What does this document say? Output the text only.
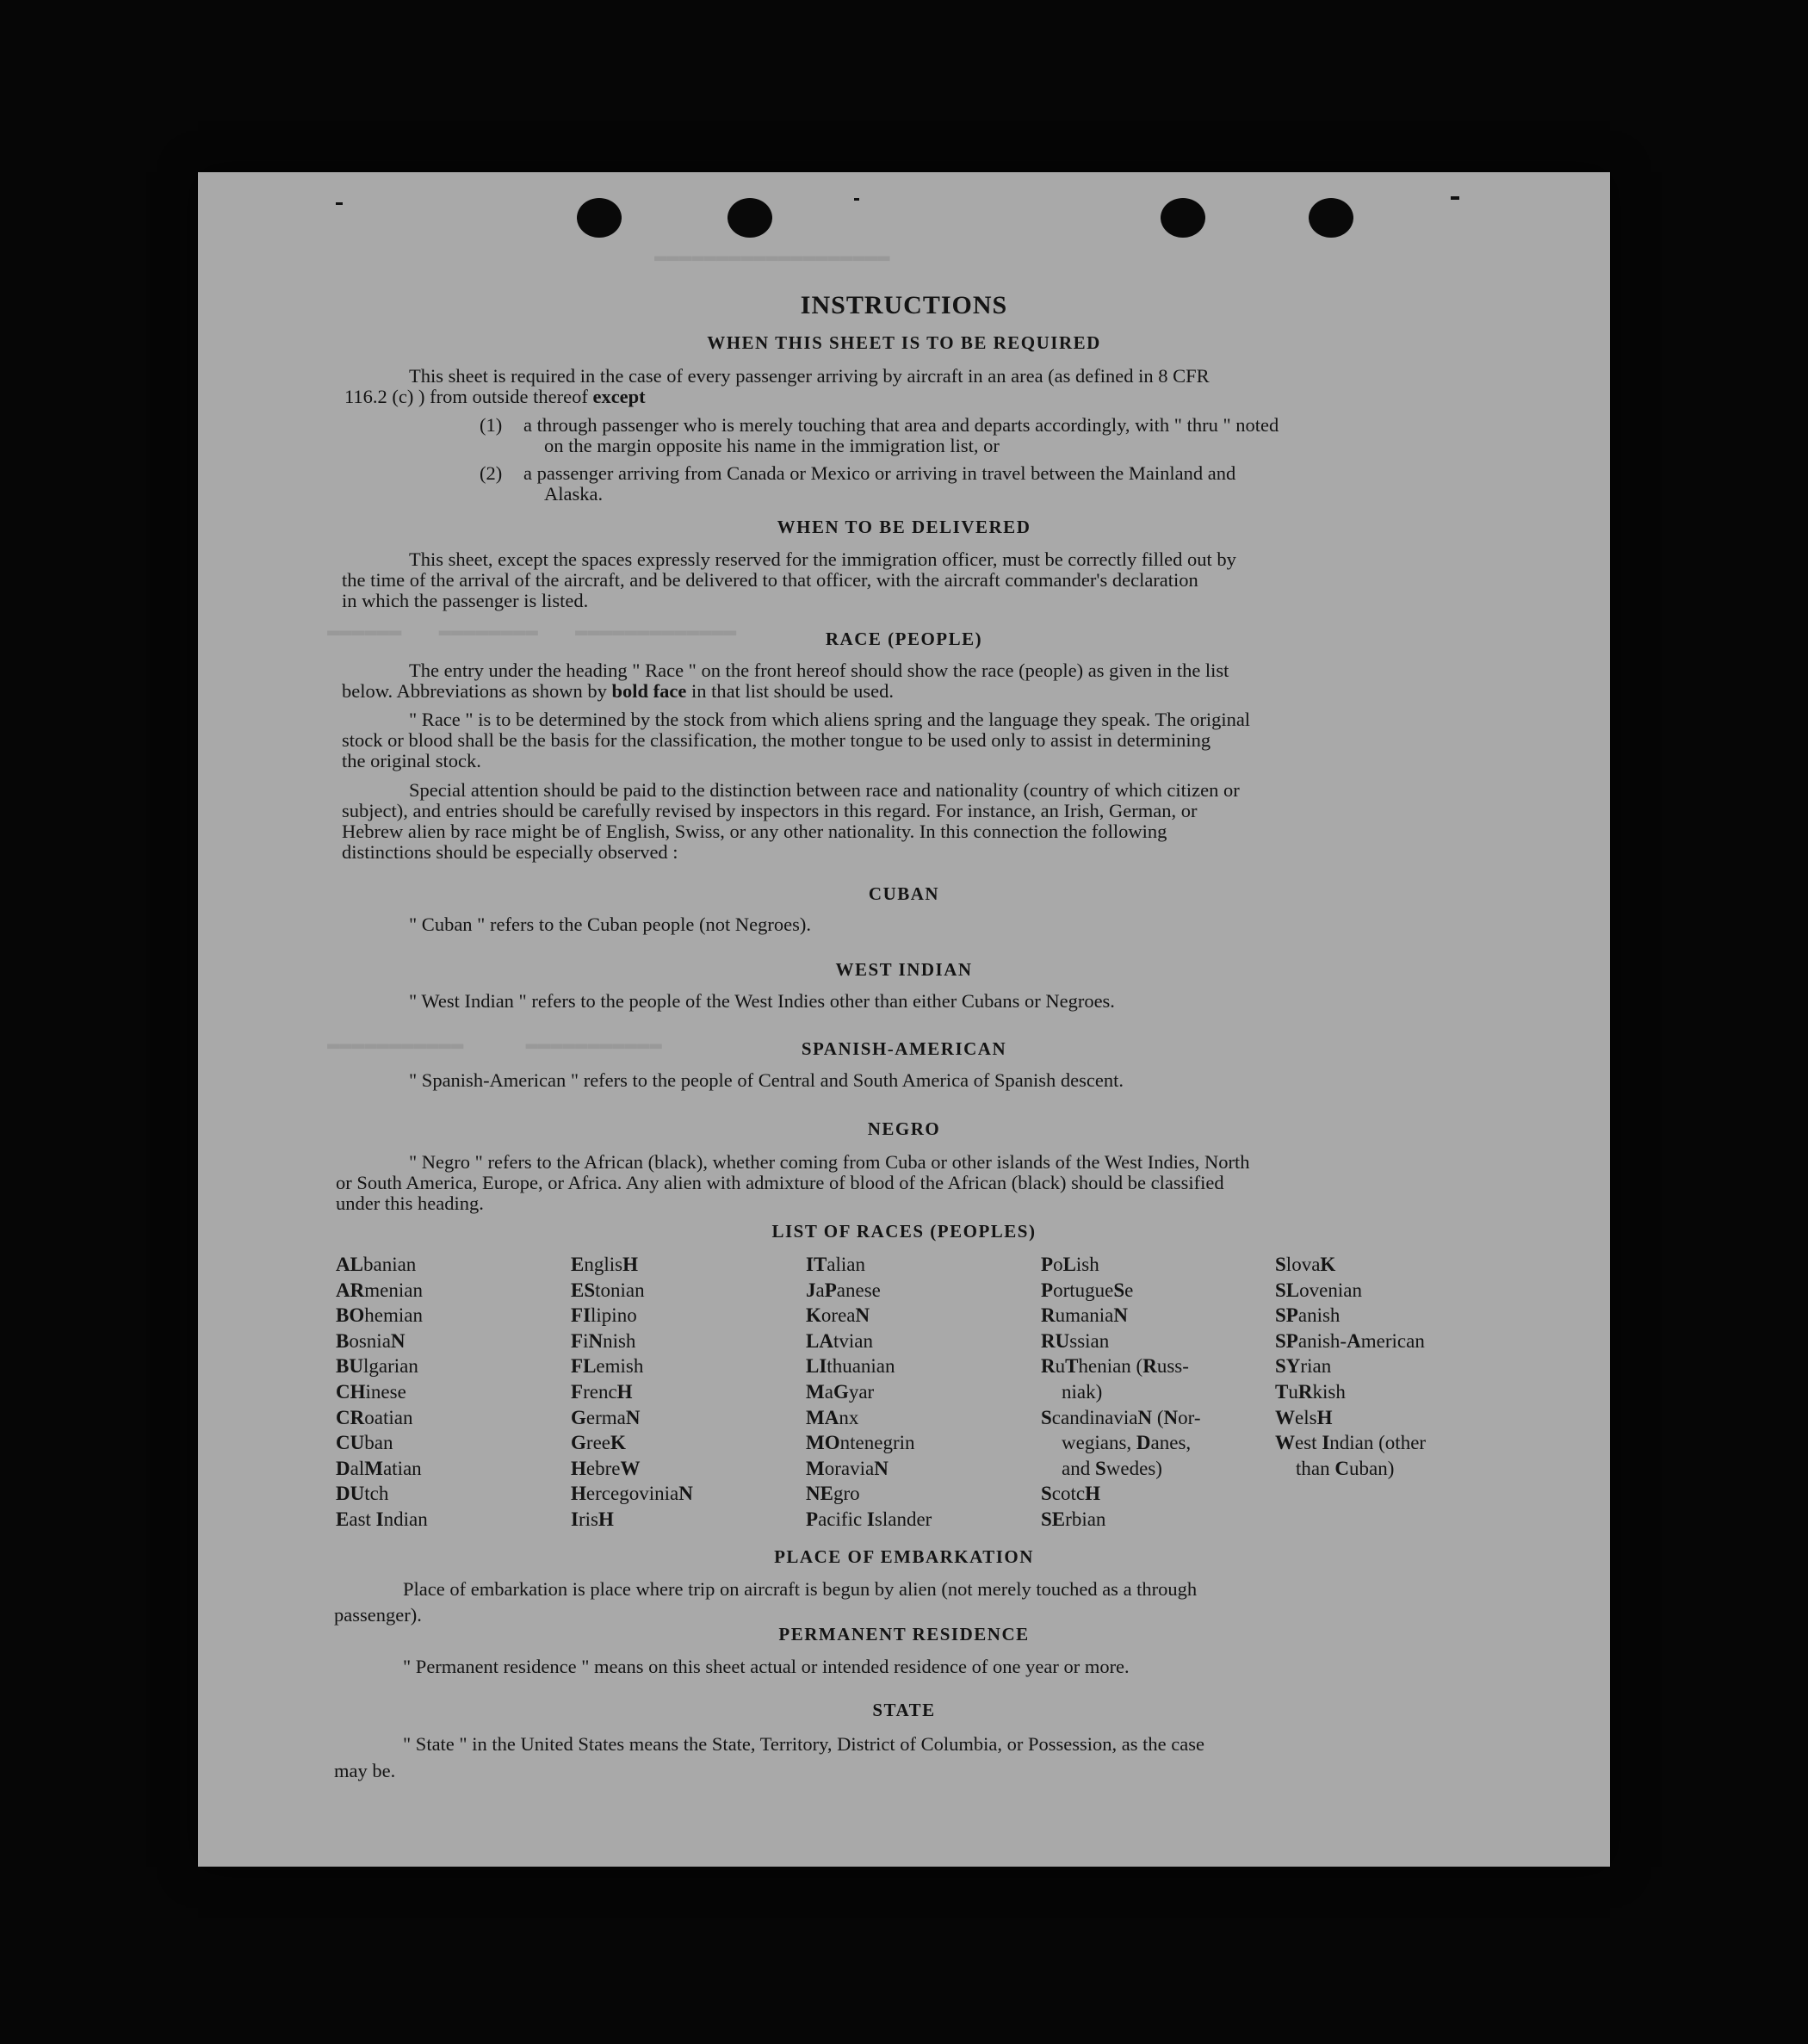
▬▬▬▬▬▬▬▬▬▬▬▬▬▬▬▬▬▬▬
▬▬▬▬▬▬   ▬▬▬▬▬▬▬▬   ▬▬▬▬▬▬▬▬▬▬▬▬▬
▬▬▬▬▬▬▬▬▬▬▬     ▬▬▬▬▬▬▬▬▬▬▬
INSTRUCTIONS
WHEN THIS SHEET IS TO BE REQUIRED
This sheet is required in the case of every passenger arriving by aircraft in an area (as defined in 8 CFR
116.2 (c) ) from outside thereof except
(1) a through passenger who is merely touching that area and departs accordingly, with " thru " noted
on the margin opposite his name in the immigration list, or
(2) a passenger arriving from Canada or Mexico or arriving in travel between the Mainland and
Alaska.
WHEN TO BE DELIVERED
This sheet, except the spaces expressly reserved for the immigration officer, must be correctly filled out by
the time of the arrival of the aircraft, and be delivered to that officer, with the aircraft commander's declaration
in which the passenger is listed.
RACE (PEOPLE)
The entry under the heading " Race " on the front hereof should show the race (people) as given in the list
below. Abbreviations as shown by bold face in that list should be used.
" Race " is to be determined by the stock from which aliens spring and the language they speak. The original
stock or blood shall be the basis for the classification, the mother tongue to be used only to assist in determining
the original stock.
Special attention should be paid to the distinction between race and nationality (country of which citizen or
subject), and entries should be carefully revised by inspectors in this regard. For instance, an Irish, German, or
Hebrew alien by race might be of English, Swiss, or any other nationality. In this connection the following
distinctions should be especially observed :
CUBAN
" Cuban " refers to the Cuban people (not Negroes).
WEST INDIAN
" West Indian " refers to the people of the West Indies other than either Cubans or Negroes.
SPANISH-AMERICAN
" Spanish-American " refers to the people of Central and South America of Spanish descent.
NEGRO
" Negro " refers to the African (black), whether coming from Cuba or other islands of the West Indies, North
or South America, Europe, or Africa. Any alien with admixture of blood of the African (black) should be classified
under this heading.
LIST OF RACES (PEOPLES)
ALbanian
ARmenian
BOhemian
BosniaN
BUlgarian
CHinese
CRoatian
CUban
DalMatian
DUtch
East Indian
EnglisH
EStonian
FIlipino
FiNnish
FLemish
FrencH
GermaN
GreeK
HebreW
HercegoviniaN
IrisH
ITalian
JaPanese
KoreaN
LAtvian
LIthuanian
MaGyar
MAnx
MOntenegrin
MoraviaN
NEgro
Pacific Islander
PoLish
PortugueSe
RumaniaN
RUssian
RuThenian (Russ-
niak)
ScandinaviaN (Nor-
wegians, Danes,
and Swedes)
ScotcH
SErbian
SlovaK
SLovenian
SPanish
SPanish-American
SYrian
TuRkish
WelsH
West Indian (other
than Cuban)
PLACE OF EMBARKATION
Place of embarkation is place where trip on aircraft is begun by alien (not merely touched as a through
passenger).
PERMANENT RESIDENCE
" Permanent residence " means on this sheet actual or intended residence of one year or more.
STATE
" State " in the United States means the State, Territory, District of Columbia, or Possession, as the case
may be.
